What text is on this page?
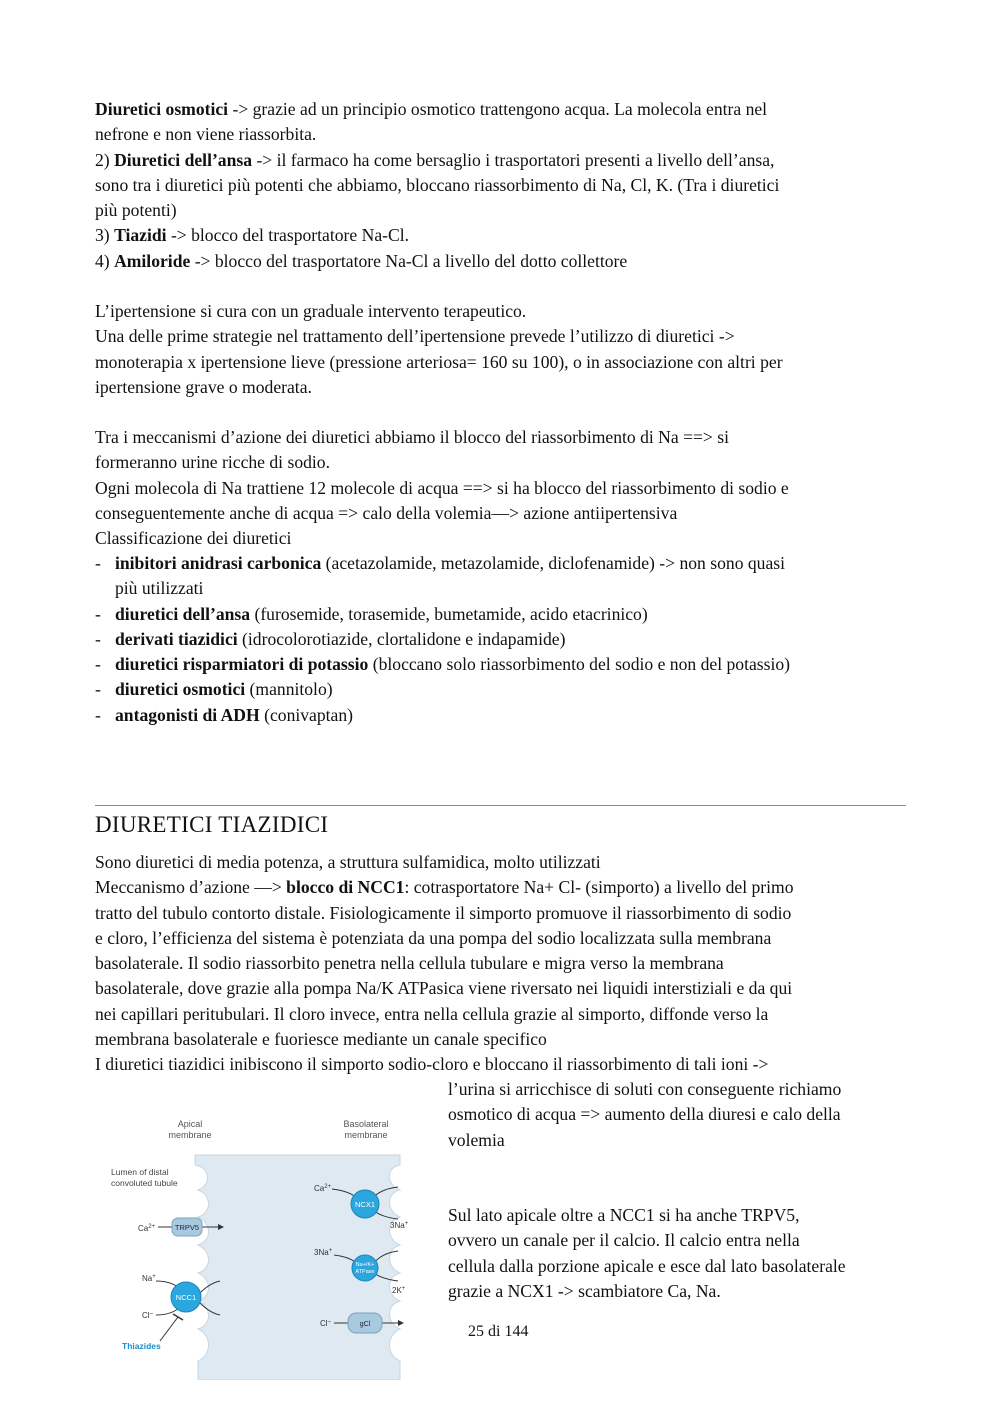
Diuretici osmotici -> grazie ad un principio osmotico trattengono acqua. La molecola entra nel
nefrone e non viene riassorbita.
2) Diuretici dell’ansa -> il farmaco ha come bersaglio i trasportatori presenti a livello dell’ansa,
sono tra i diuretici più potenti che abbiamo, bloccano riassorbimento di Na, Cl, K. (Tra i diuretici
più potenti)
3) Tiazidi -> blocco del trasportatore Na-Cl.
4) Amiloride -> blocco del trasportatore Na-Cl a livello del dotto collettore
L’ipertensione si cura con un graduale intervento terapeutico.
Una delle prime strategie nel trattamento dell’ipertensione prevede l’utilizzo di diuretici ->
monoterapia x ipertensione lieve (pressione arteriosa= 160 su 100), o in associazione con altri per
ipertensione grave o moderata.
Tra i meccanismi d’azione dei diuretici abbiamo il blocco del riassorbimento di Na ==> si
formeranno urine ricche di sodio.
Ogni molecola di Na trattiene 12 molecole di acqua ==> si ha blocco del riassorbimento di sodio e
conseguentemente anche di acqua => calo della volemia—> azione antiipertensiva
Classificazione dei diuretici
- inibitori anidrasi carbonica (acetazolamide, metazolamide, diclofenamide) -> non sono quasi
più utilizzati
- diuretici dell’ansa (furosemide, torasemide, bumetamide, acido etacrinico)
- derivati tiazidici (idrocolorotiazide, clortalidone e indapamide)
- diuretici risparmiatori di potassio (bloccano solo riassorbimento del sodio e non del potassio)
- diuretici osmotici (mannitolo)
- antagonisti di ADH (conivaptan)
DIURETICI TIAZIDICI
Sono diuretici di media potenza, a struttura sulfamidica, molto utilizzati
Meccanismo d’azione —> blocco di NCC1: cotrasportatore Na+ Cl- (simporto) a livello del primo
tratto del tubulo contorto distale. Fisiologicamente il simporto promuove il riassorbimento di sodio
e cloro, l’efficienza del sistema è potenziata da una pompa del sodio localizzata sulla membrana
basolaterale. Il sodio riassorbito penetra nella cellula tubulare e migra verso la membrana
basolaterale, dove grazie alla pompa Na/K ATPasica viene riversato nei liquidi interstiziali e da qui
nei capillari peritubulari. Il cloro invece, entra nella cellula grazie al simporto, diffonde verso la
membrana basolaterale e fuoriesce mediante un canale specifico
I diuretici tiazidici inibiscono il simporto sodio-cloro e bloccano il riassorbimento di tali ioni ->
l’urina si arricchisce di soluti con conseguente richiamo
osmotico di acqua => aumento della diuresi e calo della
volemia
Sul lato apicale oltre a NCC1 si ha anche TRPV5,
ovvero un canale per il calcio. Il calcio entra nella
cellula dalla porzione apicale e esce dal lato basolaterale
grazie a NCX1 -> scambiatore Ca, Na.
Apical
membrane
Basolateral
membrane
Lumen of distal
convoluted tubule
$Ca^{2+}$	TRPV5
Na+
Cl–
NCC1
Thiazides
$Ca^{2+}$
NCX1
3Na+
3Na+
Na+/K+
ATPase
2K+
Cl–	gCl	25 di 144
